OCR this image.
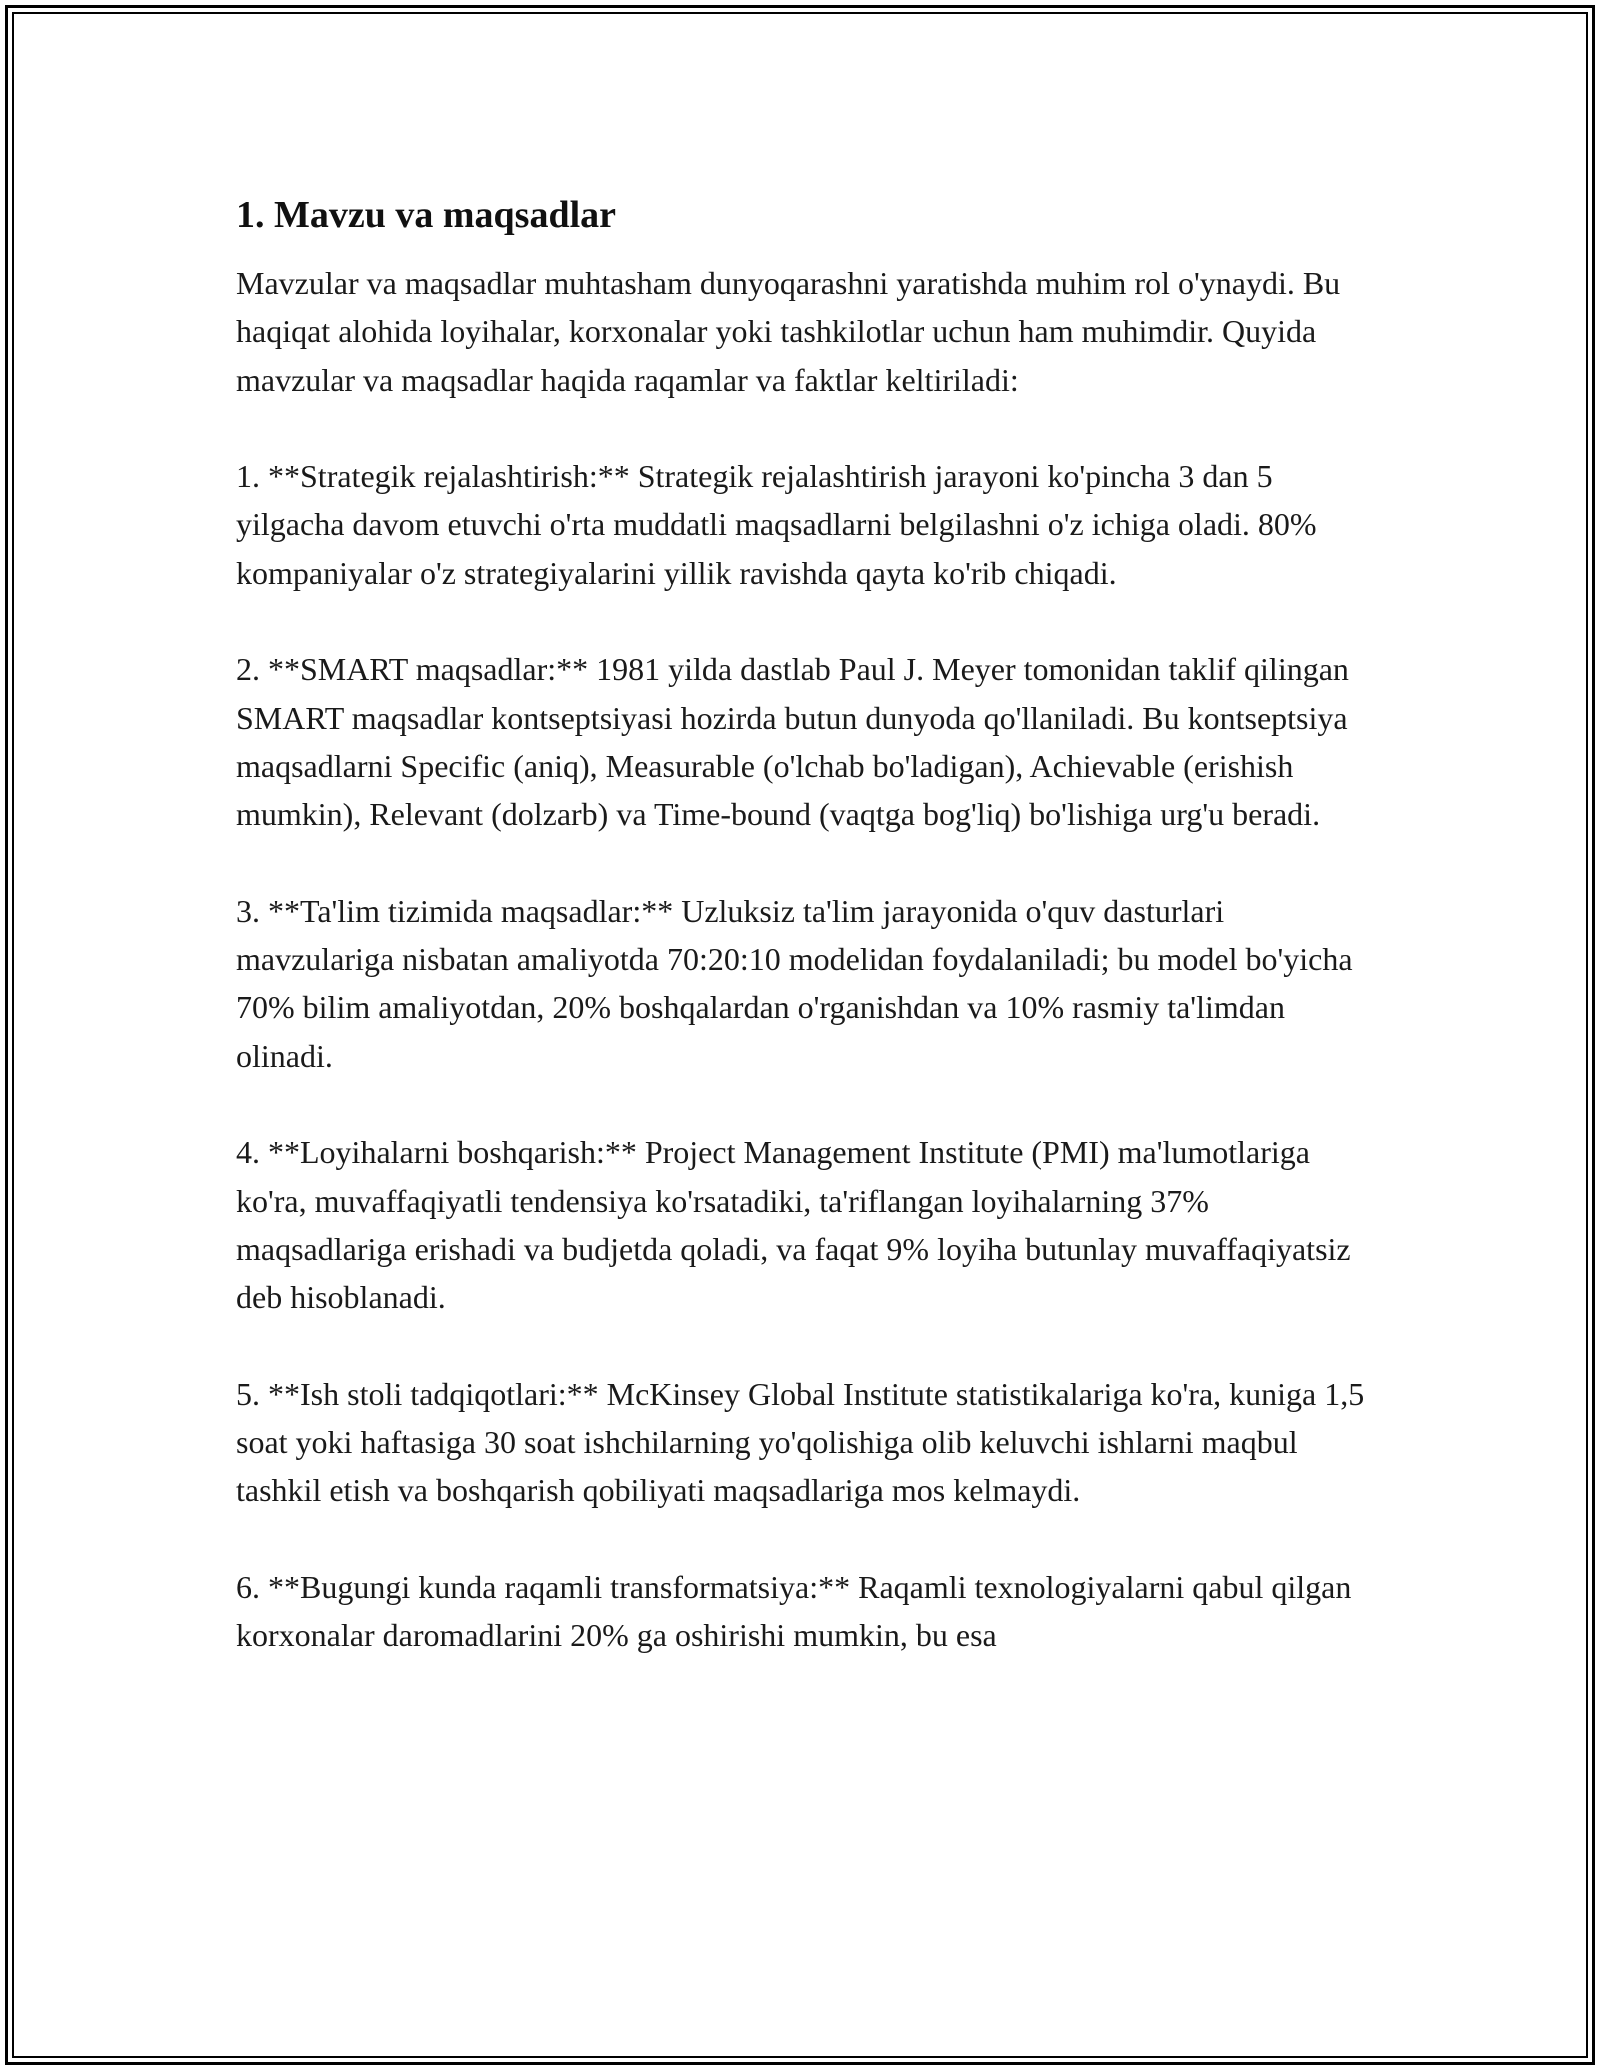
1. Mavzu va maqsadlar

Mavzular va maqsadlar muhtasham dunyoqarashni yaratishda muhim rol o'ynaydi. Bu haqiqat alohida loyihalar, korxonalar yoki tashkilotlar uchun ham muhimdir. Quyida mavzular va maqsadlar haqida raqamlar va faktlar keltiriladi:

1. **Strategik rejalashtirish:** Strategik rejalashtirish jarayoni ko'pincha 3 dan 5 yilgacha davom etuvchi o'rta muddatli maqsadlarni belgilashni o'z ichiga oladi. 80% kompaniyalar o'z strategiyalarini yillik ravishda qayta ko'rib chiqadi.

2. **SMART maqsadlar:** 1981 yilda dastlab Paul J. Meyer tomonidan taklif qilingan SMART maqsadlar kontseptsiyasi hozirda butun dunyoda qo'llaniladi. Bu kontseptsiya maqsadlarni Specific (aniq), Measurable (o'lchab bo'ladigan), Achievable (erishish mumkin), Relevant (dolzarb) va Time-bound (vaqtga bog'liq) bo'lishiga urg'u beradi.

3. **Ta'lim tizimida maqsadlar:** Uzluksiz ta'lim jarayonida o'quv dasturlari mavzulariga nisbatan amaliyotda 70:20:10 modelidan foydalaniladi; bu model bo'yicha 70% bilim amaliyotdan, 20% boshqalardan o'rganishdan va 10% rasmiy ta'limdan olinadi.

4. **Loyihalarni boshqarish:** Project Management Institute (PMI) ma'lumotlariga ko'ra, muvaffaqiyatli tendensiya ko'rsatadiki, ta'riflangan loyihalarning 37% maqsadlariga erishadi va budjetda qoladi, va faqat 9% loyiha butunlay muvaffaqiyatsiz deb hisoblanadi.

5. **Ish stoli tadqiqotlari:** McKinsey Global Institute statistikalariga ko'ra, kuniga 1,5 soat yoki haftasiga 30 soat ishchilarning yo'qolishiga olib keluvchi ishlarni maqbul tashkil etish va boshqarish qobiliyati maqsadlariga mos kelmaydi.

6. **Bugungi kunda raqamli transformatsiya:** Raqamli texnologiyalarni qabul qilgan korxonalar daromadlarini 20% ga oshirishi mumkin, bu esa
